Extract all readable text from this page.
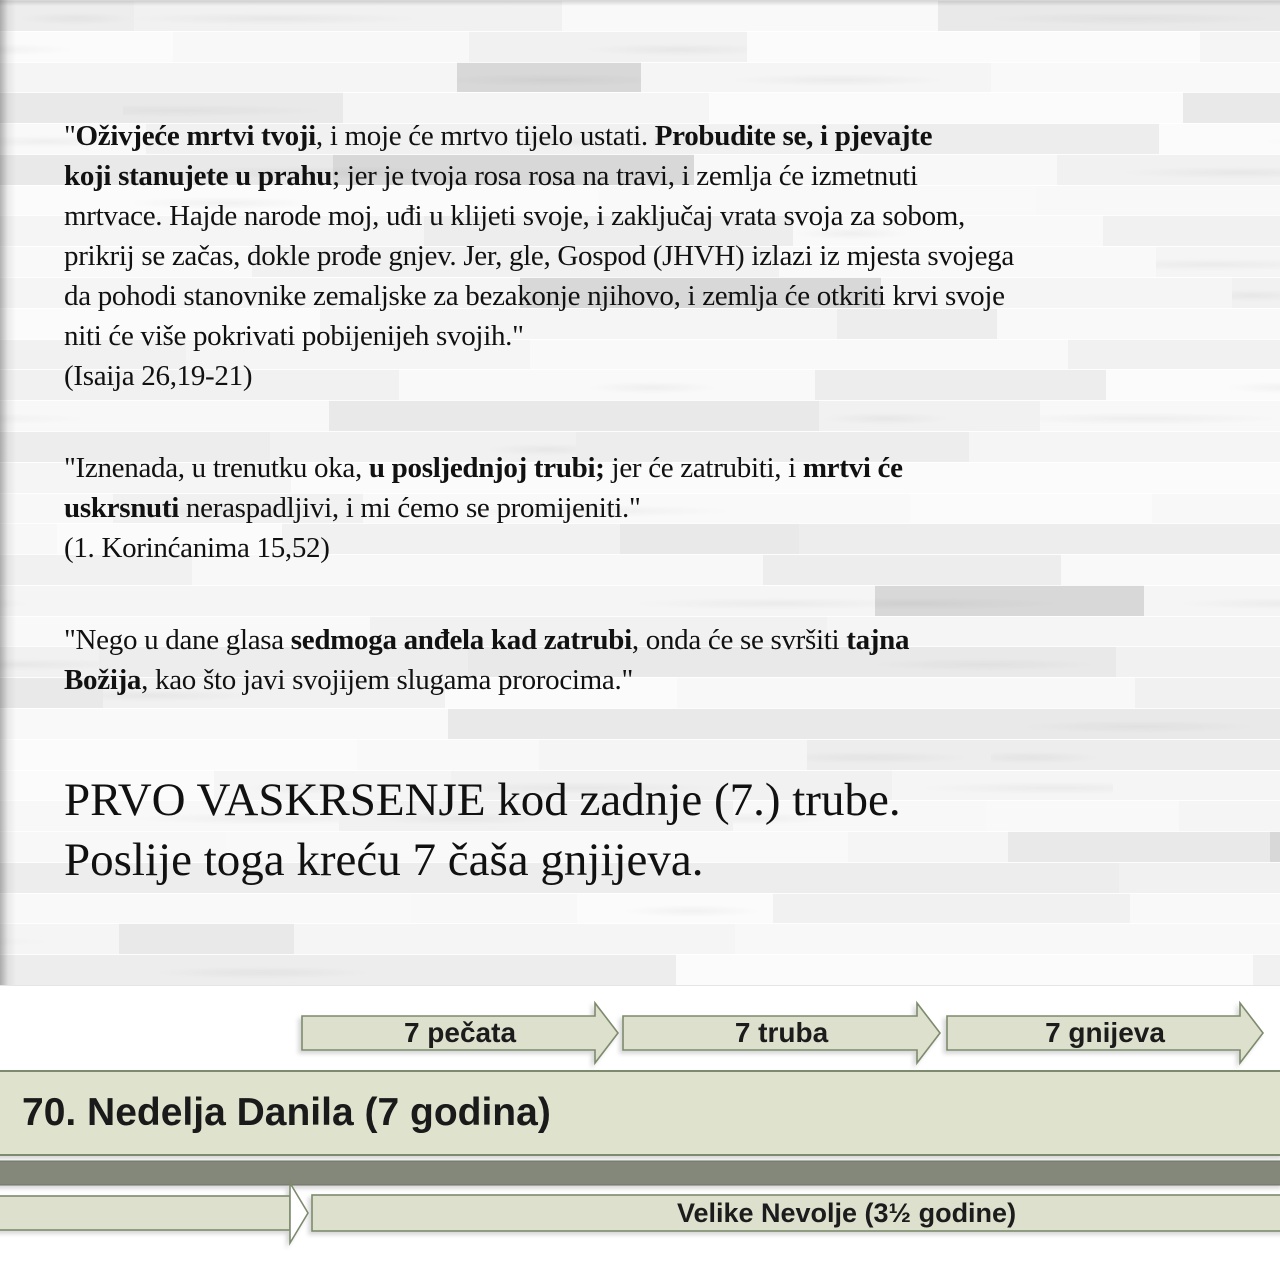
"Oživjeće mrtvi tvoji, i moje će mrtvo tijelo ustati. Probudite se, i pjevajte
koji stanujete u prahu; jer je tvoja rosa rosa na travi, i zemlja će izmetnuti
mrtvace. Hajde narode moj, uđi u klijeti svoje, i zaključaj vrata svoja za sobom,
prikrij se začas, dokle prođe gnjev. Jer, gle, Gospod (JHVH) izlazi iz mjesta svojega
da pohodi stanovnike zemaljske za bezakonje njihovo, i zemlja će otkriti krvi svoje
niti će više pokrivati pobijenijeh svojih."
(Isaija 26,19-21)

"Iznenada, u trenutku oka, u posljednjoj trubi; jer će zatrubiti, i mrtvi će
uskrsnuti neraspadljivi, i mi ćemo se promijeniti."
(1. Korinćanima 15,52)

"Nego u dane glasa sedmoga anđela kad zatrubi, onda će se svršiti tajna
Božija, kao što javi svojijem slugama prorocima."

PRVO VASKRSENJE kod zadnje (7.) trube.
Poslije toga kreću 7 čaša gnjijeva.
7 pečata	7 truba	7 gnijeva
70. Nedelja Danila (7 godina)
Velike Nevolje (3½ godine)
